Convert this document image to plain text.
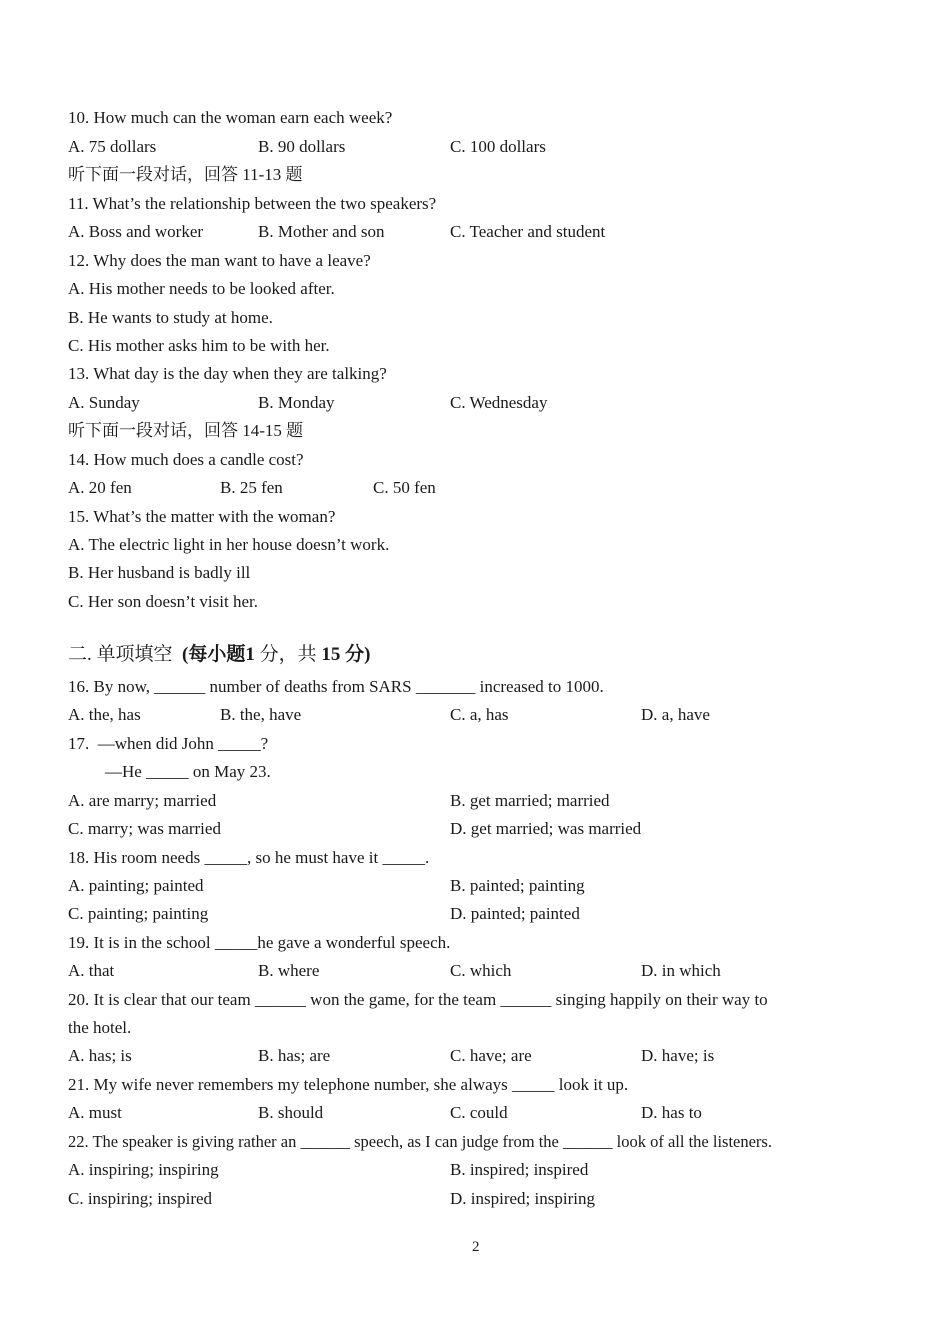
10. How much can the woman earn each week?
A. 75 dollars	B. 90 dollars	C. 100 dollars
听下面一段对话，回答 11-13 题
11. What’s the relationship between the two speakers?
A. Boss and worker	B. Mother and son	C. Teacher and student
12. Why does the man want to have a leave?
A. His mother needs to be looked after.
B. He wants to study at home.
C. His mother asks him to be with her.
13. What day is the day when they are talking?
A. Sunday	B. Monday	C. Wednesday
听下面一段对话，回答 14-15 题
14. How much does a candle cost?
A. 20 fen	B. 25 fen	C. 50 fen
15. What’s the matter with the woman?
A. The electric light in her house doesn’t work.
B. Her husband is badly ill
C. Her son doesn’t visit her.
二. 单项填空 (每小题1 分，共 15 分)
16. By now, ______ number of deaths from SARS _______ increased to 1000.
A. the, has	B. the, have	C. a, has	D. a, have
17.  —when did John _____?
—He _____ on May 23.
A. are marry; married	B. get married; married
C. marry; was married	D. get married; was married
18. His room needs _____, so he must have it _____.
A. painting; painted	B. painted; painting
C. painting; painting	D. painted; painted
19. It is in the school _____he gave a wonderful speech.
A. that	B. where	C. which	D. in which
20. It is clear that our team ______ won the game, for the team ______ singing happily on their way to
the hotel.
A. has; is	B. has; are	C. have; are	D. have; is
21. My wife never remembers my telephone number, she always _____ look it up.
A. must	B. should	C. could	D. has to
22. The speaker is giving rather an ______ speech, as I can judge from the ______ look of all the listeners.
A. inspiring; inspiring	B. inspired; inspired
C. inspiring; inspired	D. inspired; inspiring
2
